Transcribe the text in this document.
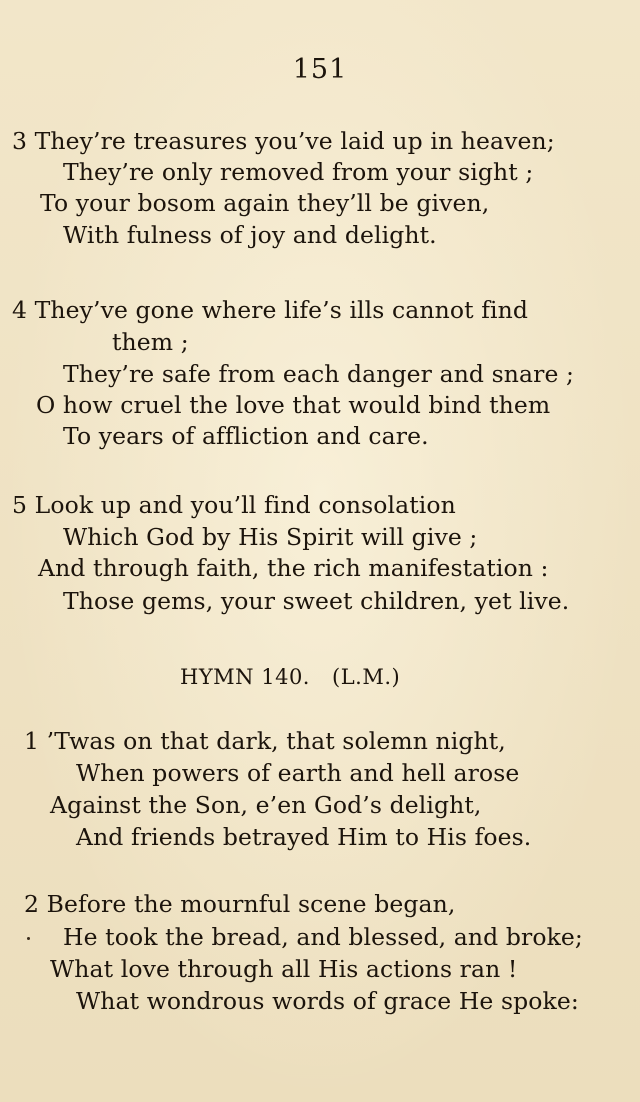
151
3 They’re treasures you’ve laid up in heaven;
They’re only removed from your sight ;
To your bosom again they’ll be given,
With fulness of joy and delight.
4 They’ve gone where life’s ills cannot find
them ;
They’re safe from each danger and snare ;
O how cruel the love that would bind them
To years of affliction and care.
5 Look up and you’ll find consolation
Which God by His Spirit will give ;
And through faith, the rich manifestation :
Those gems, your sweet children, yet live.
HYMN 140. (L.M.)
1 ’Twas on that dark, that solemn night,
When powers of earth and hell arose
Against the Son, e’en God’s delight,
And friends betrayed Him to His foes.
2 Before the mournful scene began,
He took the bread, and blessed, and broke;
What love through all His actions ran !
What wondrous words of grace He spoke:
